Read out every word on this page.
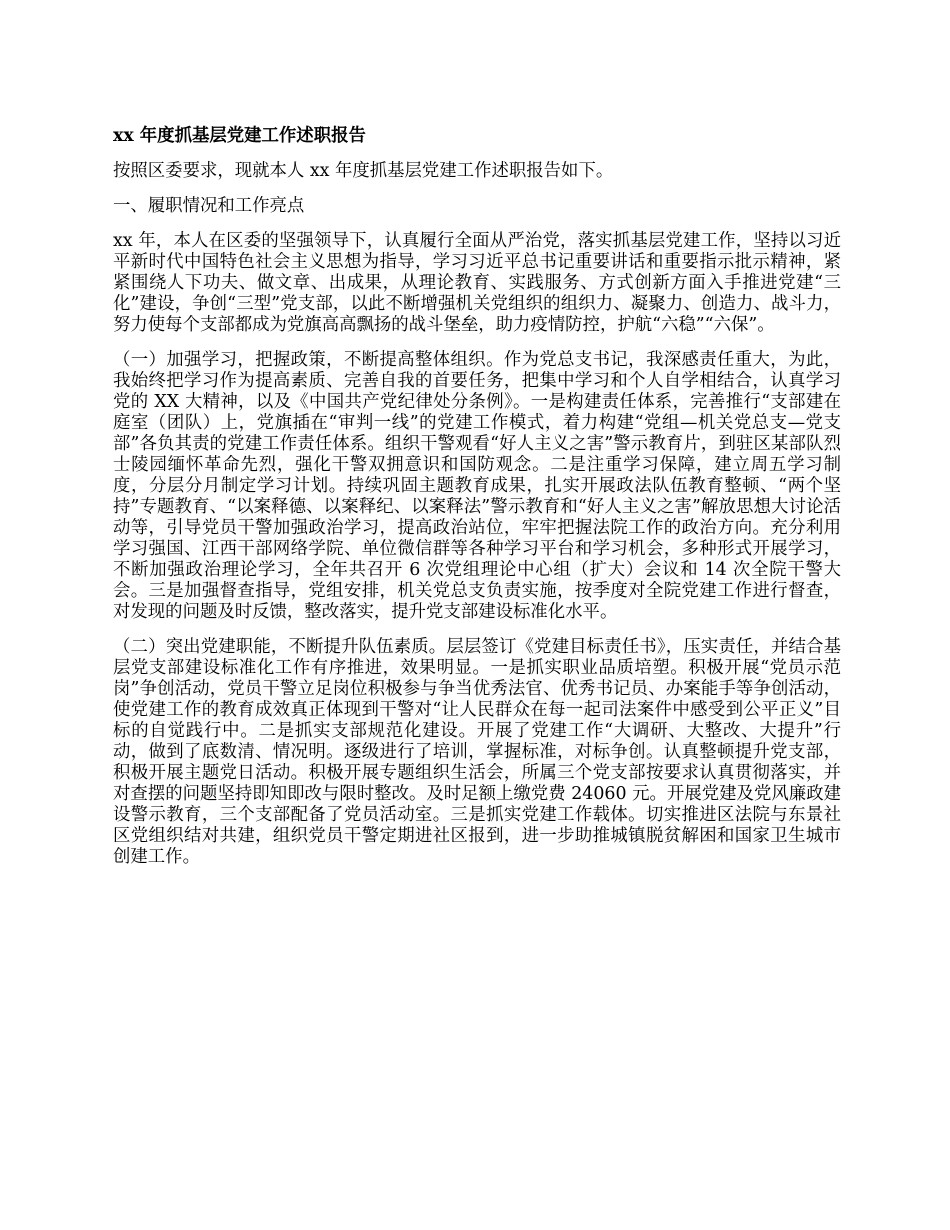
xx 年度抓基层党建工作述职报告

按照区委要求，现就本人 xx 年度抓基层党建工作述职报告如下。

一、履职情况和工作亮点

xx 年，本人在区委的坚强领导下，认真履行全面从严治党，落实抓基层党建工作，坚持以习近平新时代中国特色社会主义思想为指导，学习习近平总书记重要讲话和重要指示批示精神，紧紧围绕人下功夫、做文章、出成果，从理论教育、实践服务、方式创新方面入手推进党建“三化”建设，争创“三型”党支部，以此不断增强机关党组织的组织力、凝聚力、创造力、战斗力，努力使每个支部都成为党旗高高飘扬的战斗堡垒，助力疫情防控，护航“六稳”“六保”。

（一）加强学习，把握政策，不断提高整体组织。作为党总支书记，我深感责任重大，为此，我始终把学习作为提高素质、完善自我的首要任务，把集中学习和个人自学相结合，认真学习党的 XX 大精神，以及《中国共产党纪律处分条例》。一是构建责任体系，完善推行“支部建在庭室（团队）上，党旗插在“审判一线”的党建工作模式，着力构建“党组—机关党总支—党支部”各负其责的党建工作责任体系。组织干警观看“好人主义之害”警示教育片，到驻区某部队烈士陵园缅怀革命先烈，强化干警双拥意识和国防观念。二是注重学习保障，建立周五学习制度，分层分月制定学习计划。持续巩固主题教育成果，扎实开展政法队伍教育整顿、“两个坚持”专题教育、“以案释德、以案释纪、以案释法”警示教育和“好人主义之害”解放思想大讨论活动等，引导党员干警加强政治学习，提高政治站位，牢牢把握法院工作的政治方向。充分利用学习强国、江西干部网络学院、单位微信群等各种学习平台和学习机会，多种形式开展学习，不断加强政治理论学习，全年共召开 6 次党组理论中心组（扩大）会议和 14 次全院干警大会。三是加强督查指导，党组安排，机关党总支负责实施，按季度对全院党建工作进行督查，对发现的问题及时反馈，整改落实，提升党支部建设标准化水平。

（二）突出党建职能，不断提升队伍素质。层层签订《党建目标责任书》，压实责任，并结合基层党支部建设标准化工作有序推进，效果明显。一是抓实职业品质培塑。积极开展“党员示范岗”争创活动，党员干警立足岗位积极参与争当优秀法官、优秀书记员、办案能手等争创活动，使党建工作的教育成效真正体现到干警对“让人民群众在每一起司法案件中感受到公平正义”目标的自觉践行中。二是抓实支部规范化建设。开展了党建工作“大调研、大整改、大提升”行动，做到了底数清、情况明。逐级进行了培训，掌握标准，对标争创。认真整顿提升党支部，积极开展主题党日活动。积极开展专题组织生活会，所属三个党支部按要求认真贯彻落实，并对查摆的问题坚持即知即改与限时整改。及时足额上缴党费 24060 元。开展党建及党风廉政建设警示教育，三个支部配备了党员活动室。三是抓实党建工作载体。切实推进区法院与东景社区党组织结对共建，组织党员干警定期进社区报到，进一步助推城镇脱贫解困和国家卫生城市创建工作。
